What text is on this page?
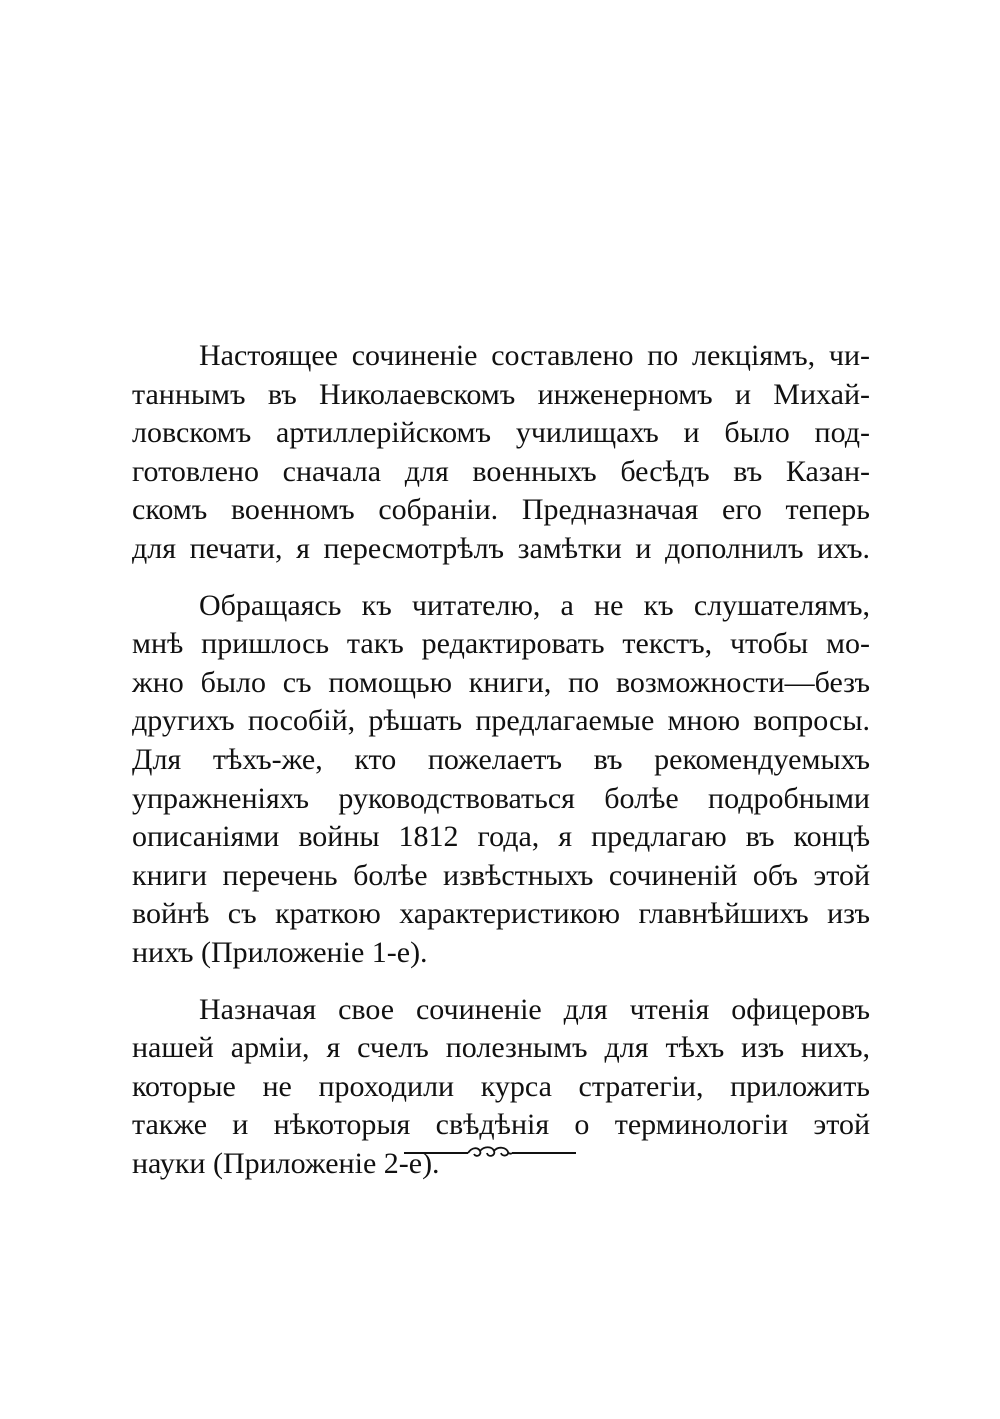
Настоящее сочиненіе составлено по лекціямъ, чи-
таннымъ въ Николаевскомъ инженерномъ и Михай-
ловскомъ артиллерійскомъ училищахъ и было под-
готовлено сначала для военныхъ бесѣдъ въ Казан-
скомъ военномъ собраніи. Предназначая его теперь
для печати, я пересмотрѣлъ замѣтки и дополнилъ ихъ.
Обращаясь къ читателю, а не къ слушателямъ,
мнѣ пришлось такъ редактировать текстъ, чтобы мо-
жно было съ помощью книги, по возможности—безъ
другихъ пособій, рѣшать предлагаемые мною вопросы.
Для тѣхъ-же, кто пожелаетъ въ рекомендуемыхъ
упражненіяхъ руководствоваться болѣе подробными
описаніями войны 1812 года, я предлагаю въ концѣ
книги перечень болѣе извѣстныхъ сочиненій объ этой
войнѣ съ краткою характеристикою главнѣйшихъ изъ
нихъ (Приложеніе 1-е).
Назначая свое сочиненіе для чтенія офицеровъ
нашей арміи, я счелъ полезнымъ для тѣхъ изъ нихъ,
которые не проходили курса стратегіи, приложить
также и нѣкоторыя свѣдѣнія о терминологіи этой
науки (Приложеніе 2-е).
